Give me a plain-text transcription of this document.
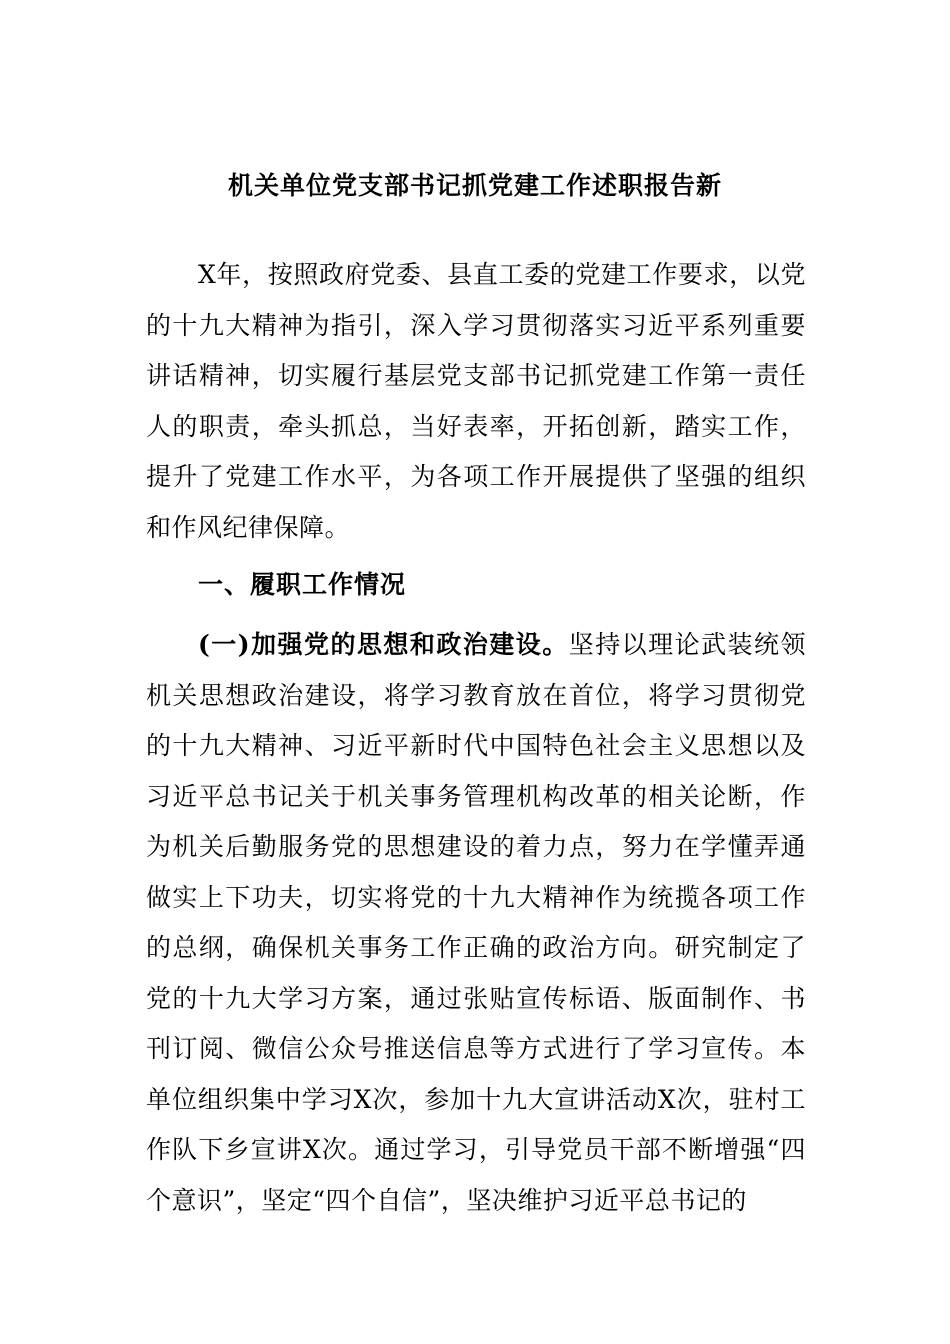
机关单位党支部书记抓党建工作述职报告新

X年，按照政府党委、县直工委的党建工作要求，以党的十九大精神为指引，深入学习贯彻落实习近平系列重要讲话精神，切实履行基层党支部书记抓党建工作第一责任人的职责，牵头抓总，当好表率，开拓创新，踏实工作，提升了党建工作水平，为各项工作开展提供了坚强的组织和作风纪律保障。

一、履职工作情况

(一)加强党的思想和政治建设。坚持以理论武装统领机关思想政治建设，将学习教育放在首位，将学习贯彻党的十九大精神、习近平新时代中国特色社会主义思想以及习近平总书记关于机关事务管理机构改革的相关论断，作为机关后勤服务党的思想建设的着力点，努力在学懂弄通做实上下功夫，切实将党的十九大精神作为统揽各项工作的总纲，确保机关事务工作正确的政治方向。研究制定了党的十九大学习方案，通过张贴宣传标语、版面制作、书刊订阅、微信公众号推送信息等方式进行了学习宣传。本单位组织集中学习X次，参加十九大宣讲活动X次，驻村工作队下乡宣讲X次。通过学习，引导党员干部不断增强“四个意识”，坚定“四个自信”，坚决维护习近平总书记的
